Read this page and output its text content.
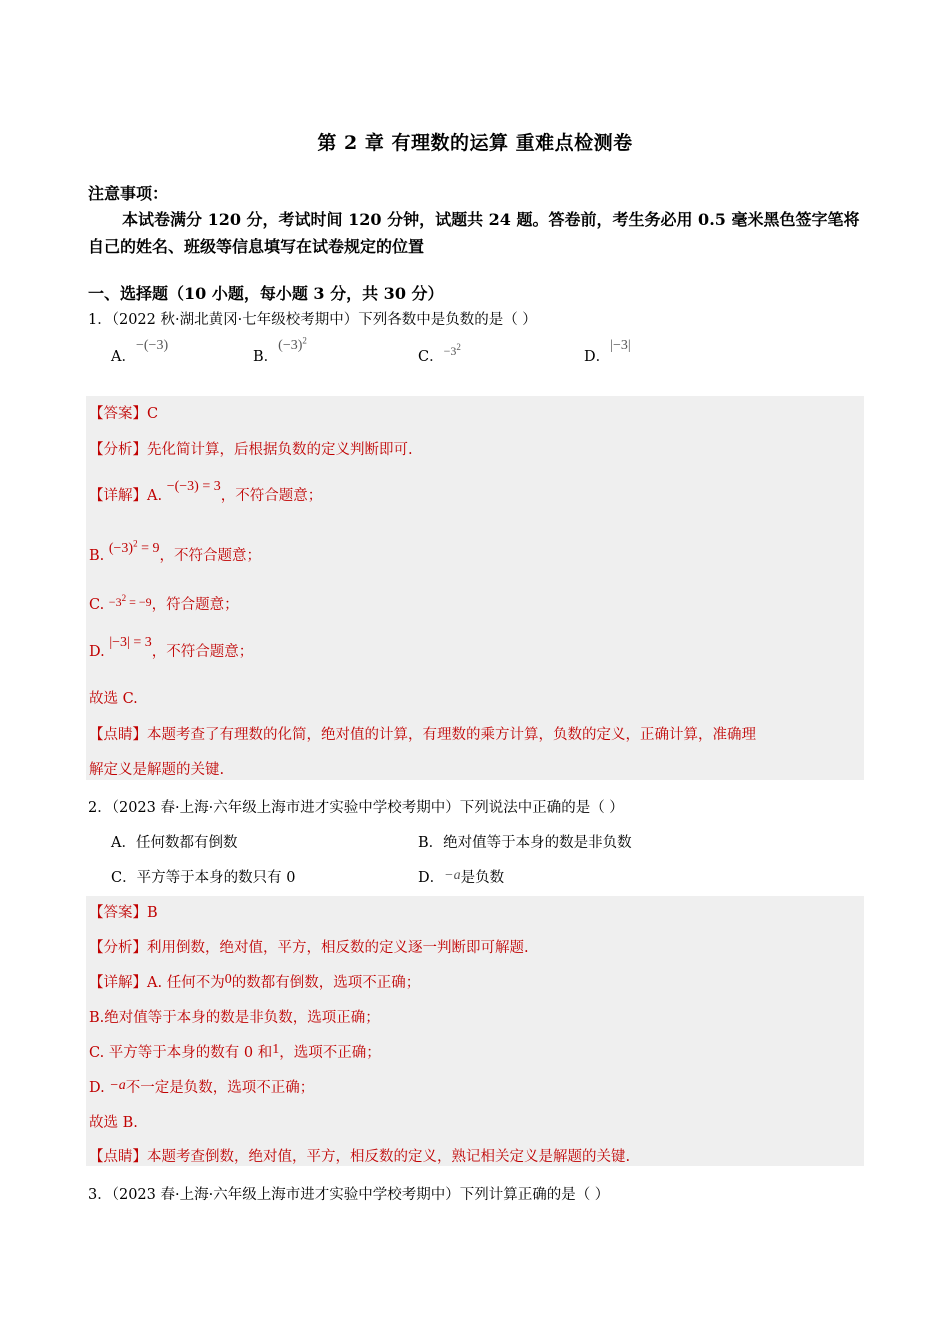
第 2 章 有理数的运算 重难点检测卷
注意事项：
本试卷满分 120 分，考试时间 120 分钟，试题共 24 题。答卷前，考生务必用 0.5 毫米黑色签字笔将自己的姓名、班级等信息填写在试卷规定的位置
一、选择题（10 小题，每小题 3 分，共 30 分）
1．（2022 秋·湖北黄冈·七年级校考期中）下列各数中是负数的是（ ）
A．−(−3)
B．$(-3)^2$
C．$^{-3^2}$
D．|−3|
【答案】C
【分析】先化简计算，后根据负数的定义判断即可.
【详解】A. −(−3) = 3，不符合题意；
B. $(-3)^2 = 9$，不符合题意；
C. $^{-3^2 = -9}$，符合题意；
D. |−3| = 3，不符合题意；
故选 C.
【点睛】本题考查了有理数的化简，绝对值的计算，有理数的乘方计算，负数的定义，正确计算，准确理
解定义是解题的关键.
2．（2023 春·上海·六年级上海市进才实验中学校考期中）下列说法中正确的是（ ）
A．任何数都有倒数	B．绝对值等于本身的数是非负数
C．平方等于本身的数只有 0	D．−a是负数
【答案】B
【分析】利用倒数，绝对值，平方，相反数的定义逐一判断即可解题.
【详解】A. 任何不为0的数都有倒数，选项不正确；
B.绝对值等于本身的数是非负数，选项正确；
C. 平方等于本身的数有 0 和1，选项不正确；
D. −a不一定是负数，选项不正确；
故选 B.
【点睛】本题考查倒数，绝对值，平方，相反数的定义，熟记相关定义是解题的关键.
3．（2023 春·上海·六年级上海市进才实验中学校考期中）下列计算正确的是（ ）
